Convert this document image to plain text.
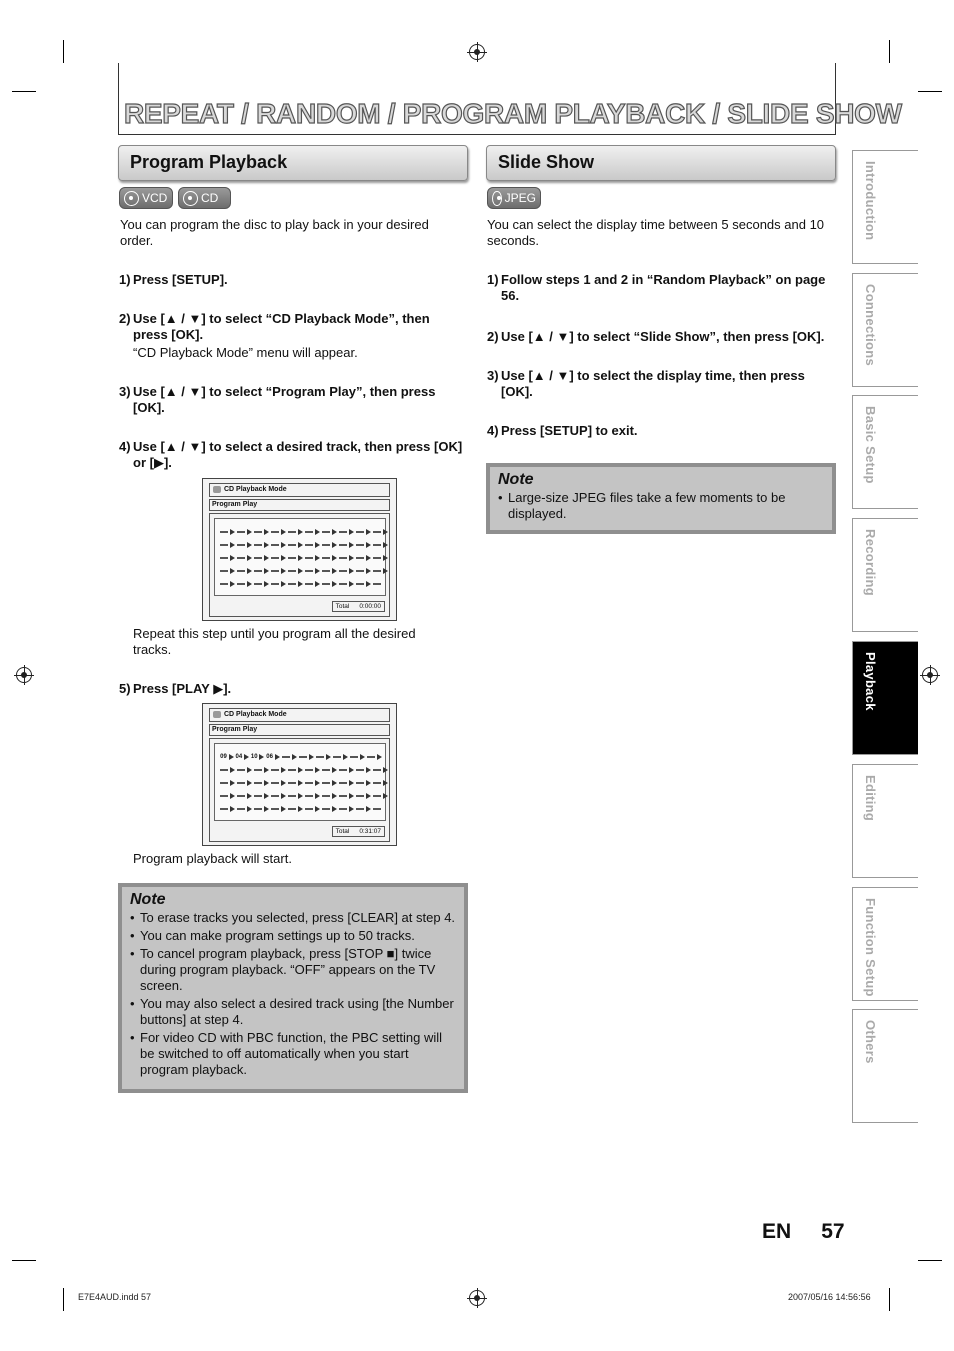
REPEAT / RANDOM / PROGRAM PLAYBACK / SLIDE SHOW
Program Playback
VCD	CD
You can program the disc to play back in your desired order.
1) Press [SETUP].
2) Use [▲ / ▼] to select “CD Playback Mode”, then press [OK].
“CD Playback Mode” menu will appear.
3) Use [▲ / ▼] to select “Program Play”, then press [OK].
4) Use [▲ / ▼] to select a desired track, then press [OK] or [▶].
CD Playback Mode
Program Play
Total 0:00:00
Repeat this step until you program all the desired tracks.
5) Press [PLAY ▶].
CD Playback Mode
Program Play
09 04 10 06
Total 0:31:07
Program playback will start.
Note
• To erase tracks you selected, press [CLEAR] at step 4.
• You can make program settings up to 50 tracks.
• To cancel program playback, press [STOP ■] twice during program playback. “OFF” appears on the TV screen.
• You may also select a desired track using [the Number buttons] at step 4.
• For video CD with PBC function, the PBC setting will be switched to off automatically when you start program playback.
Slide Show
JPEG
You can select the display time between 5 seconds and 10 seconds.
1) Follow steps 1 and 2 in “Random Playback” on page 56.
2) Use [▲ / ▼] to select “Slide Show”, then press [OK].
3) Use [▲ / ▼] to select the display time, then press [OK].
4) Press [SETUP] to exit.
Note
• Large-size JPEG files take a few moments to be displayed.
Introduction
Connections
Basic Setup
Recording
Playback
Editing
Function Setup
Others
EN 57
E7E4AUD.indd 57	2007/05/16 14:56:56
